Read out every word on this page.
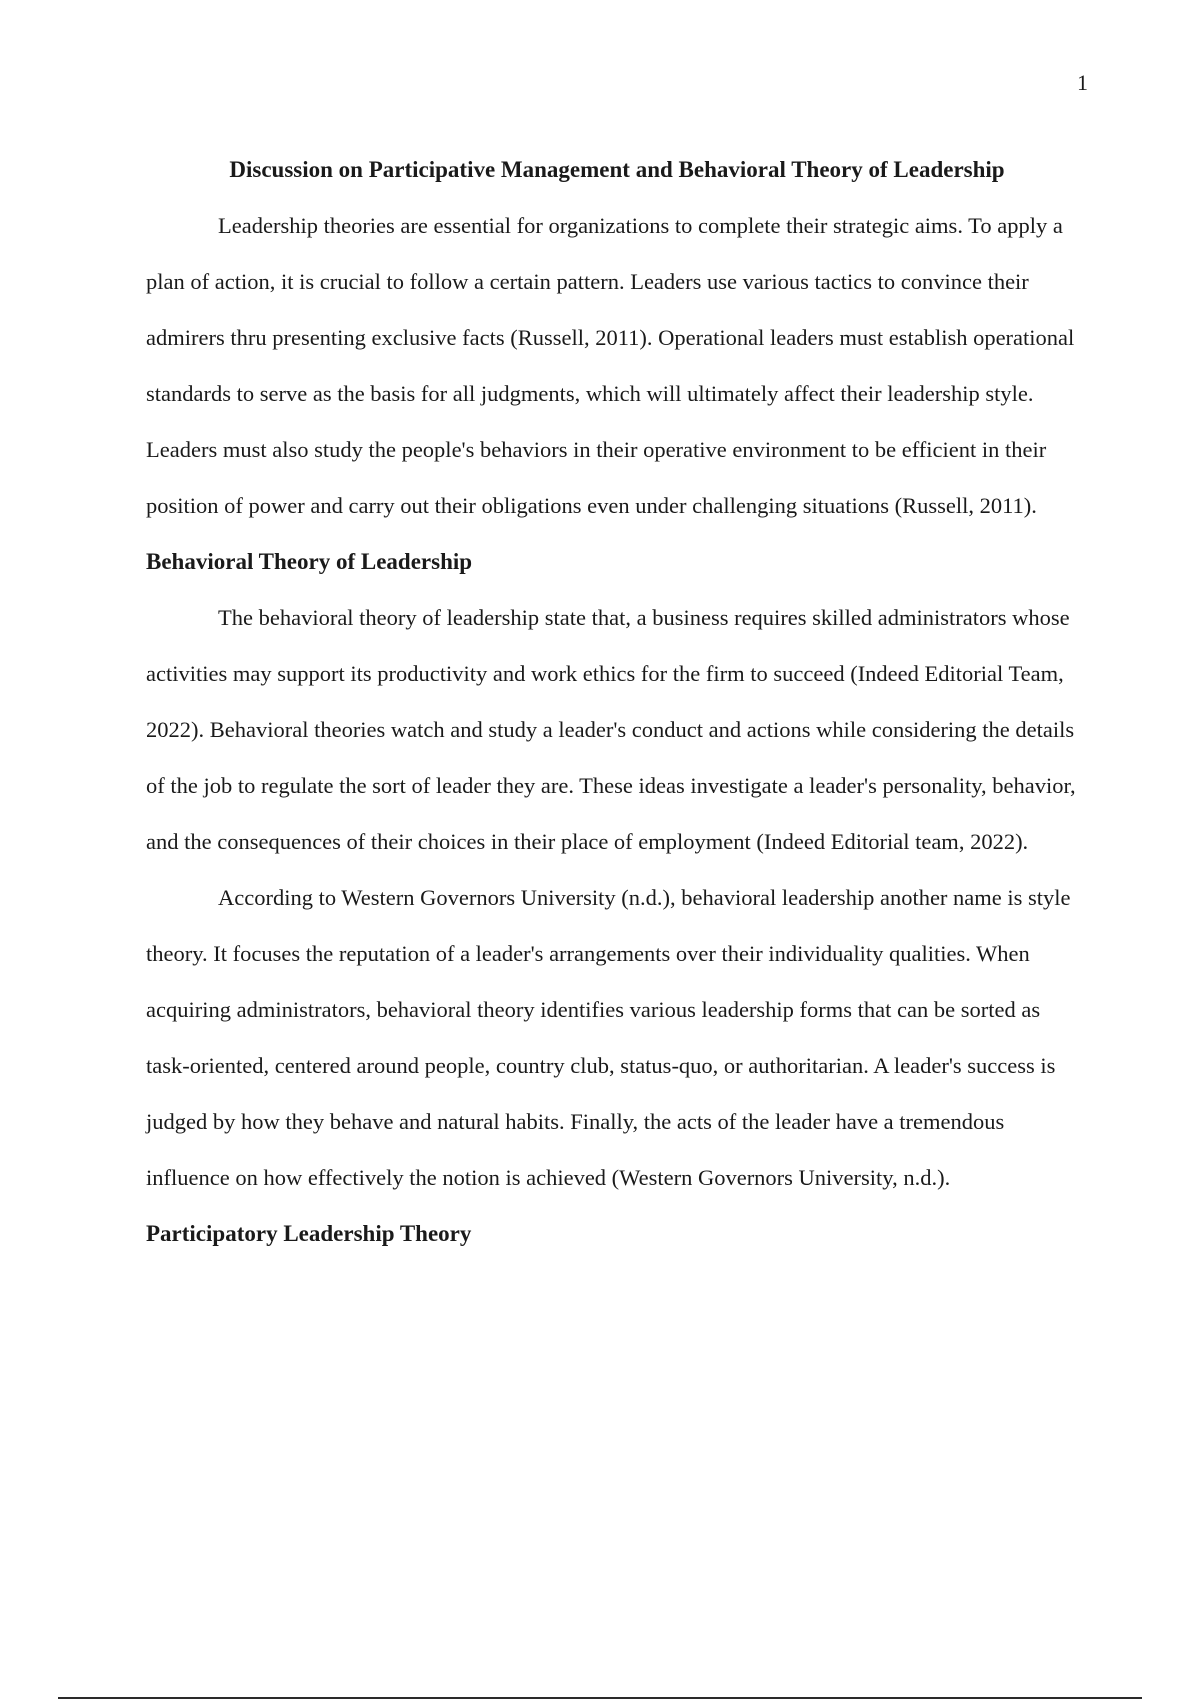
1
Discussion on Participative Management and Behavioral Theory of Leadership

Leadership theories are essential for organizations to complete their strategic aims. To apply a plan of action, it is crucial to follow a certain pattern. Leaders use various tactics to convince their admirers thru presenting exclusive facts (Russell, 2011). Operational leaders must establish operational standards to serve as the basis for all judgments, which will ultimately affect their leadership style. Leaders must also study the people's behaviors in their operative environment to be efficient in their position of power and carry out their obligations even under challenging situations (Russell, 2011).

Behavioral Theory of Leadership

The behavioral theory of leadership state that, a business requires skilled administrators whose activities may support its productivity and work ethics for the firm to succeed (Indeed Editorial Team, 2022). Behavioral theories watch and study a leader's conduct and actions while considering the details of the job to regulate the sort of leader they are. These ideas investigate a leader's personality, behavior, and the consequences of their choices in their place of employment (Indeed Editorial team, 2022).

According to Western Governors University (n.d.), behavioral leadership another name is style theory. It focuses the reputation of a leader's arrangements over their individuality qualities. When acquiring administrators, behavioral theory identifies various leadership forms that can be sorted as task-oriented, centered around people, country club, status-quo, or authoritarian. A leader's success is judged by how they behave and natural habits. Finally, the acts of the leader have a tremendous influence on how effectively the notion is achieved (Western Governors University, n.d.).

Participatory Leadership Theory
